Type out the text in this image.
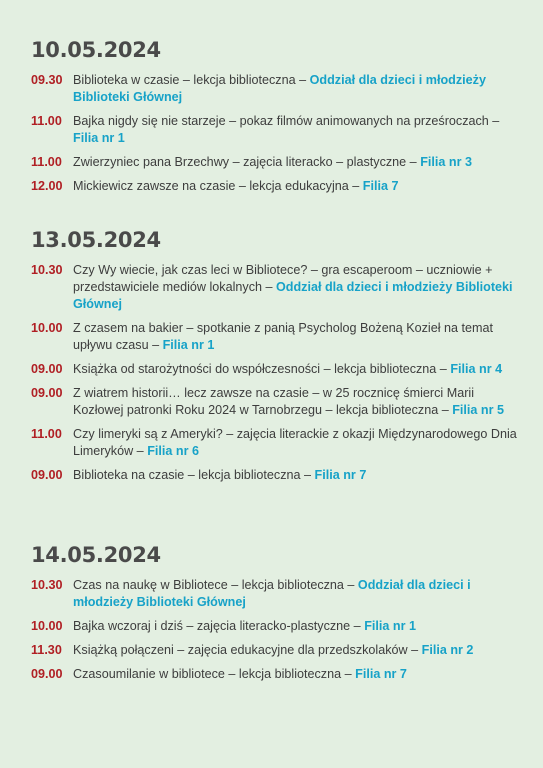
10.05.2024
09.30 Biblioteka w czasie – lekcja biblioteczna – Oddział dla dzieci i młodzieży Biblioteki Głównej
11.00 Bajka nigdy się nie starzeje – pokaz filmów animowanych na prześroczach – Filia nr 1
11.00 Zwierzyniec pana Brzechwy – zajęcia literacko – plastyczne – Filia nr 3
12.00 Mickiewicz zawsze na czasie – lekcja edukacyjna – Filia 7
13.05.2024
10.30 Czy Wy wiecie, jak czas leci w Bibliotece? – gra escaperoom – uczniowie + przedstawiciele mediów lokalnych – Oddział dla dzieci i młodzieży Biblioteki Głównej
10.00 Z czasem na bakier – spotkanie z panią Psycholog Bożeną Kozieł na temat upływu czasu – Filia nr 1
09.00 Książka od starożytności do współczesności – lekcja biblioteczna – Filia nr 4
09.00 Z wiatrem historii… lecz zawsze na czasie – w 25 rocznicę śmierci Marii Kozłowej patronki Roku 2024 w Tarnobrzegu – lekcja biblioteczna – Filia nr 5
11.00 Czy limeryki są z Ameryki? – zajęcia literackie z okazji Międzynarodowego Dnia Limeryków – Filia nr 6
09.00 Biblioteka na czasie – lekcja biblioteczna – Filia nr 7
14.05.2024
10.30 Czas na naukę w Bibliotece – lekcja biblioteczna – Oddział dla dzieci i młodzieży Biblioteki Głównej
10.00 Bajka wczoraj i dziś – zajęcia literacko-plastyczne – Filia nr 1
11.30 Książką połączeni – zajęcia edukacyjne dla przedszkolaków – Filia nr 2
09.00 Czasoumilanie w bibliotece – lekcja biblioteczna – Filia nr 7
